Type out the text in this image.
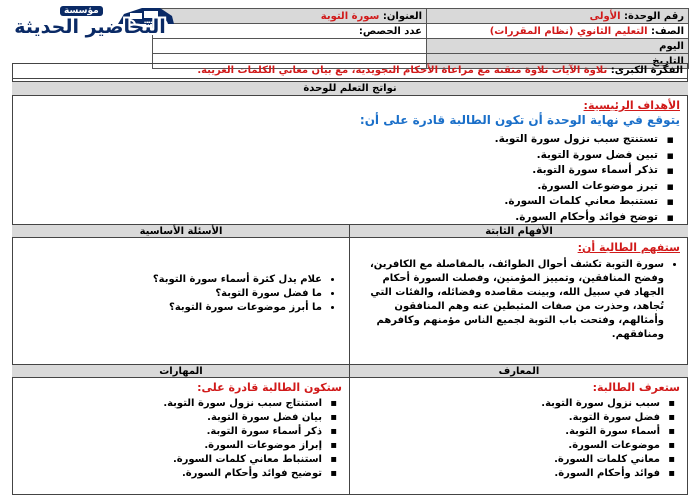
مؤسسة
التحاضير الحديثة	رقم الوحدة: الأولى	العنوان: سورة التوبة
الصف: التعليم الثانوي (نظام المقررات)	عدد الحصص:
اليوم	
التاريخ	
الفكرة الكبرى: تلاوة الآيات تلاوة متقنة مع مراعاة الأحكام التجويدية، مع بيان معاني الكلمات الغريبة.
نواتج التعلم للوحدة
الأهداف الرئيسية:
يتوقع في نهاية الوحدة أن تكون الطالبة قادرة على أن:
▪ تستنتج سبب نزول سورة التوبة.
▪ تبين فضل سورة التوبة.
▪ تذكر أسماء سورة التوبة.
▪ تبرز موضوعات السورة.
▪ تستنبط معاني كلمات السورة.
▪ توضح فوائد وأحكام السورة.
الأفهام الثابتة
الأسئلة الأساسية
ستفهم الطالبة أن:
• سورة التوبة تكشف أحوال الطوائف، بالمفاصلة مع الكافرين، وفضح المنافقين، وتمييز المؤمنين، وفصلت السورة أحكام الجهاد في سبيل الله، وبينت مقاصده وفضائله، والفئات التي تُجاهد، وحذرت من صفات المثبطين عنه وهم المنافقون وأمثالهم، وفتحت باب التوبة لجميع الناس مؤمنهم وكافرهم ومنافقهم.
• علام يدل كثرة أسماء سورة التوبة؟
• ما فضل سورة التوبة؟
• ما أبرز موضوعات سورة التوبة؟
المعارف
المهارات
ستعرف الطالبة:
▪ سبب نزول سورة التوبة.
▪ فضل سورة التوبة.
▪ أسماء سورة التوبة.
▪ موضوعات السورة.
▪ معاني كلمات السورة.
▪ فوائد وأحكام السورة.
ستكون الطالبة قادرة على:
▪ استنتاج سبب نزول سورة التوبة.
▪ بيان فضل سورة التوبة.
▪ ذكر أسماء سورة التوبة.
▪ إبراز موضوعات السورة.
▪ استنباط معاني كلمات السورة.
▪ توضيح فوائد وأحكام السورة.
